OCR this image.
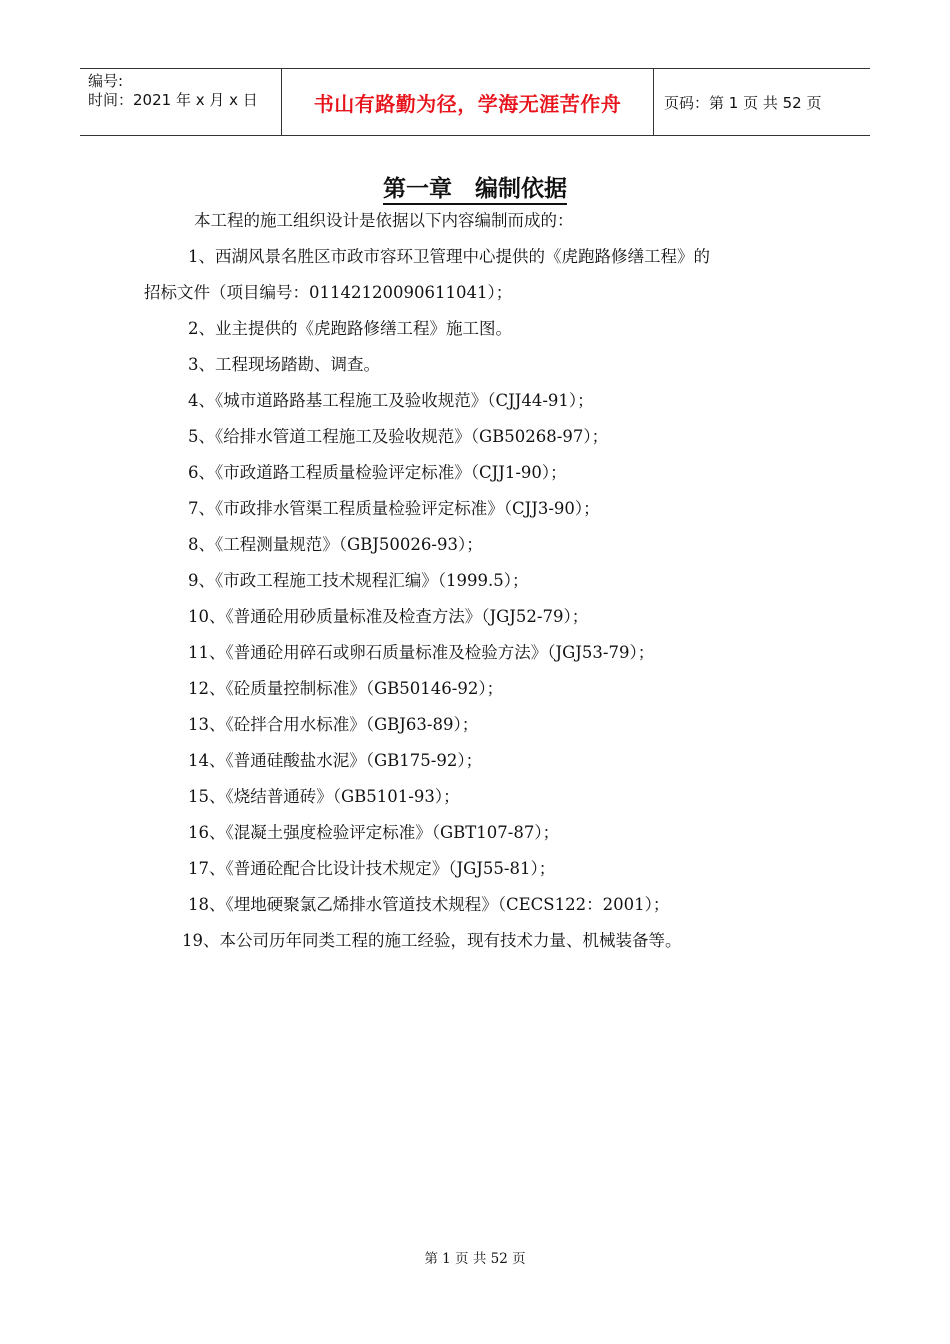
编号:
时间：2021 年 x 月 x 日	书山有路勤为径，学海无涯苦作舟	页码：第 1 页 共 52 页
第一章　编制依据
本工程的施工组织设计是依据以下内容编制而成的：
1、西湖风景名胜区市政市容环卫管理中心提供的《虎跑路修缮工程》的
招标文件（项目编号：01142120090611041）；
2、业主提供的《虎跑路修缮工程》施工图。
3、工程现场踏勘、调查。
4、《城市道路路基工程施工及验收规范》（CJJ44-91）；
5、《给排水管道工程施工及验收规范》（GB50268-97）；
6、《市政道路工程质量检验评定标准》（CJJ1-90）；
7、《市政排水管渠工程质量检验评定标准》（CJJ3-90）；
8、《工程测量规范》（GBJ50026-93）；
9、《市政工程施工技术规程汇编》（1999.5）；
10、《普通砼用砂质量标准及检查方法》（JGJ52-79）；
11、《普通砼用碎石或卵石质量标准及检验方法》（JGJ53-79）；
12、《砼质量控制标准》（GB50146-92）；
13、《砼拌合用水标准》（GBJ63-89）；
14、《普通硅酸盐水泥》（GB175-92）；
15、《烧结普通砖》（GB5101-93）；
16、《混凝土强度检验评定标准》（GBT107-87）；
17、《普通砼配合比设计技术规定》（JGJ55-81）；
18、《埋地硬聚氯乙烯排水管道技术规程》（CECS122：2001）；
19、本公司历年同类工程的施工经验，现有技术力量、机械装备等。
第 1 页 共 52 页
